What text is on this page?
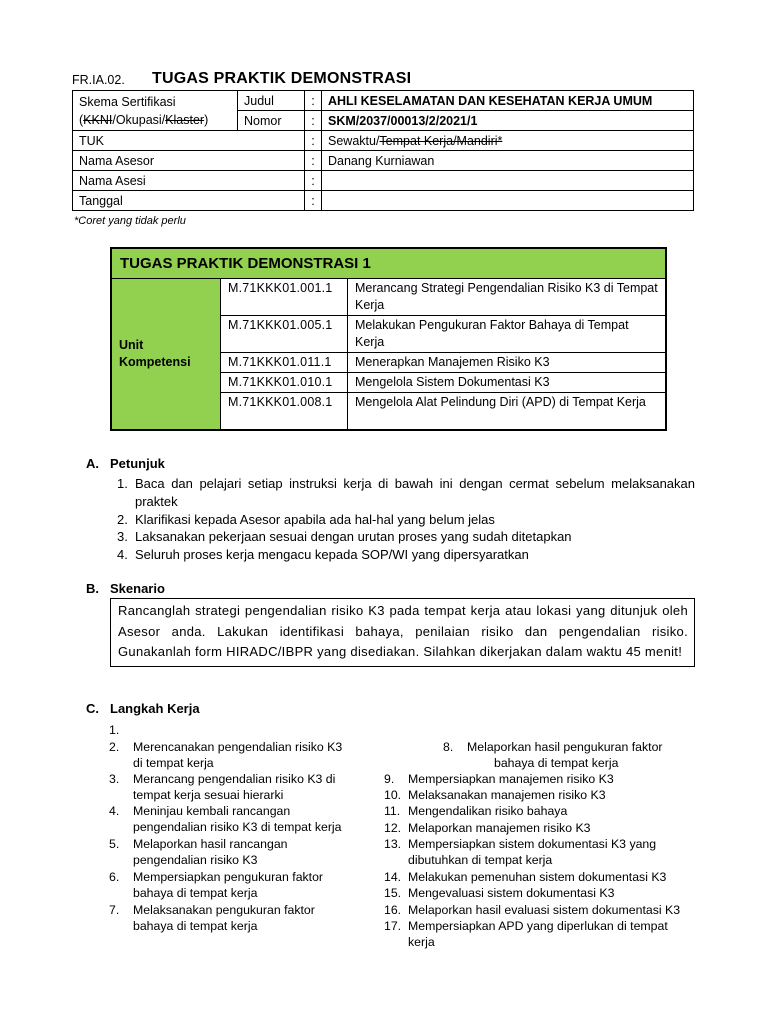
FR.IA.02. TUGAS PRAKTIK DEMONSTRASI
Skema Sertifikasi
(KKNI/Okupasi/Klaster)	Judul	:	AHLI KESELAMATAN DAN KESEHATAN KERJA UMUM
	Nomor	:	SKM/2037/00013/2/2021/1
TUK		:	Sewaktu/Tempat Kerja/Mandiri*
Nama Asesor		:	Danang Kurniawan
Nama Asesi		:	
Tanggal		:	
*Coret yang tidak perlu
TUGAS PRAKTIK DEMONSTRASI 1		
Unit
Kompetensi	M.71KKK01.001.1	Merancang Strategi Pengendalian Risiko K3 di Tempat Kerja
	M.71KKK01.005.1	Melakukan Pengukuran Faktor Bahaya di Tempat Kerja
	M.71KKK01.011.1	Menerapkan Manajemen Risiko K3
	M.71KKK01.010.1	Mengelola Sistem Dokumentasi K3
	M.71KKK01.008.1	Mengelola Alat Pelindung Diri (APD) di Tempat Kerja
A. Petunjuk
1. Baca dan pelajari setiap instruksi kerja di bawah ini dengan cermat sebelum melaksanakan praktek
2. Klarifikasi kepada Asesor apabila ada hal-hal yang belum jelas
3. Laksanakan pekerjaan sesuai dengan urutan proses yang sudah ditetapkan
4. Seluruh proses kerja mengacu kepada SOP/WI yang dipersyaratkan
B. Skenario
Rancanglah strategi pengendalian risiko K3 pada tempat kerja atau lokasi yang ditunjuk oleh Asesor anda. Lakukan identifikasi bahaya, penilaian risiko dan pengendalian risiko. Gunakanlah form HIRADC/IBPR yang disediakan. Silahkan dikerjakan dalam waktu 45 menit!
C. Langkah Kerja
1.
2. Merencanakan pengendalian risiko K3
di tempat kerja
3. Merancang pengendalian risiko K3 di
tempat kerja sesuai hierarki
4. Meninjau kembali rancangan
pengendalian risiko K3 di tempat kerja
5. Melaporkan hasil rancangan
pengendalian risiko K3
6. Mempersiapkan pengukuran faktor
bahaya di tempat kerja
7. Melaksanakan pengukuran faktor
bahaya di tempat kerja
8. Melaporkan hasil pengukuran faktor
bahaya di tempat kerja
9. Mempersiapkan manajemen risiko K3
10. Melaksanakan manajemen risiko K3
11. Mengendalikan risiko bahaya
12. Melaporkan manajemen risiko K3
13. Mempersiapkan sistem dokumentasi K3 yang
dibutuhkan di tempat kerja
14. Melakukan pemenuhan sistem dokumentasi K3
15. Mengevaluasi sistem dokumentasi K3
16. Melaporkan hasil evaluasi sistem dokumentasi K3
17. Mempersiapkan APD yang diperlukan di tempat
kerja
